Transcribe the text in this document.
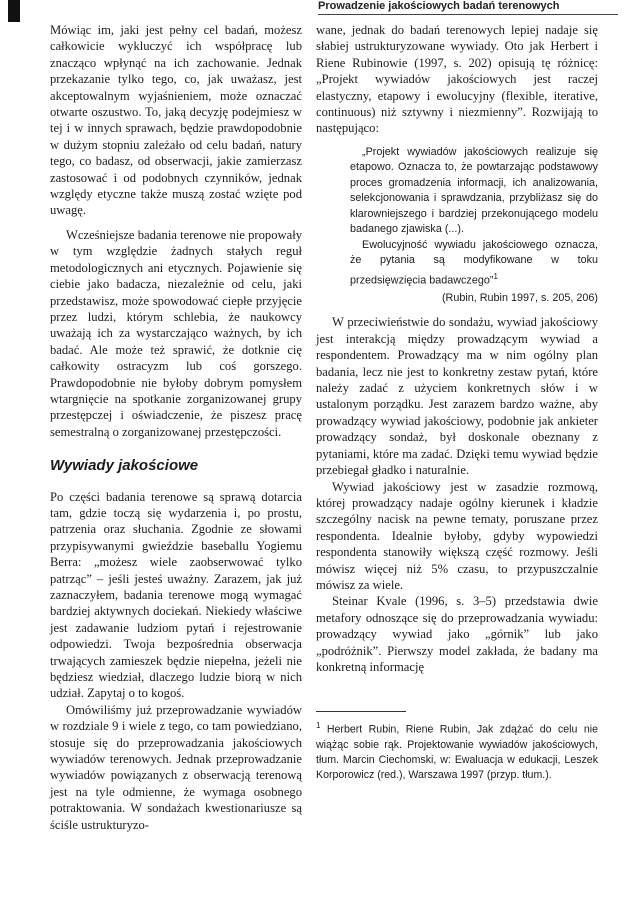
Prowadzenie jakościowych badań terenowych

Mówiąc im, jaki jest pełny cel badań, możesz całkowicie wykluczyć ich współpracę lub znacząco wpłynąć na ich zachowanie. Jednak przekazanie tylko tego, co, jak uważasz, jest akceptowalnym wyjaśnieniem, może oznaczać otwarte oszustwo. To, jaką decyzję podejmiesz w tej i w innych sprawach, będzie prawdopodobnie w dużym stopniu zależało od celu badań, natury tego, co badasz, od obserwacji, jakie zamierzasz zastosować i od podobnych czynników, jednak względy etyczne także muszą zostać wzięte pod uwagę.

Wcześniejsze badania terenowe nie propowały w tym względzie żadnych stałych reguł metodologicznych ani etycznych. Pojawienie się ciebie jako badacza, niezależnie od celu, jaki przedstawisz, może spowodować ciepłe przyjęcie przez ludzi, którym schlebia, że naukowcy uważają ich za wystarczająco ważnych, by ich badać. Ale może też sprawić, że dotknie cię całkowity ostracyzm lub coś gorszego. Prawdopodobnie nie byłoby dobrym pomysłem wtargnięcie na spotkanie zorganizowanej grupy przestępczej i oświadczenie, że piszesz pracę semestralną o zorganizowanej przestępczości.

Wywiady jakościowe

Po części badania terenowe są sprawą dotarcia tam, gdzie toczą się wydarzenia i, po prostu, patrzenia oraz słuchania. Zgodnie ze słowami przypisywanymi gwieździe baseballu Yogiemu Berra: „możesz wiele zaobserwować tylko patrząc” – jeśli jesteś uważny. Zarazem, jak już zaznaczyłem, badania terenowe mogą wymagać bardziej aktywnych dociekań. Niekiedy właściwe jest zadawanie ludziom pytań i rejestrowanie odpowiedzi. Twoja bezpośrednia obserwacja trwających zamieszek będzie niepełna, jeżeli nie będziesz wiedział, dlaczego ludzie biorą w nich udział. Zapytaj o to kogoś.

Omówiliśmy już przeprowadzanie wywiadów w rozdziale 9 i wiele z tego, co tam powiedziano, stosuje się do przeprowadzania jakościowych wywiadów terenowych. Jednak przeprowadzanie wywiadów powiązanych z obserwacją terenową jest na tyle odmienne, że wymaga osobnego potraktowania. W sondażach kwestionariusze są ściśle ustrukturyzo-

wane, jednak do badań terenowych lepiej nadaje się słabiej ustrukturyzowane wywiady. Oto jak Herbert i Riene Rubinowie (1997, s. 202) opisują tę różnicę: „Projekt wywiadów jakościowych jest raczej elastyczny, etapowy i ewolucyjny (flexible, iterative, continuous) niż sztywny i niezmienny”. Rozwijają to następująco:

„Projekt wywiadów jakościowych realizuje się etapowo. Oznacza to, że powtarzając podstawowy proces gromadzenia informacji, ich analizowania, selekcjonowania i sprawdzania, przybliżasz się do klarowniejszego i bardziej przekonującego modelu badanego zjawiska (...).

Ewolucyjność wywiadu jakościowego oznacza, że pytania są modyfikowane w toku przedsięwzięcia badawczego”$^1$

(Rubin, Rubin 1997, s. 205, 206)

W przeciwieństwie do sondażu, wywiad jakościowy jest interakcją między prowadzącym wywiad a respondentem. Prowadzący ma w nim ogólny plan badania, lecz nie jest to konkretny zestaw pytań, które należy zadać z użyciem konkretnych słów i w ustalonym porządku. Jest zarazem bardzo ważne, aby prowadzący wywiad jakościowy, podobnie jak ankieter prowadzący sondaż, był doskonale obeznany z pytaniami, które ma zadać. Dzięki temu wywiad będzie przebiegał gładko i naturalnie.

Wywiad jakościowy jest w zasadzie rozmową, której prowadzący nadaje ogólny kierunek i kładzie szczególny nacisk na pewne tematy, poruszane przez respondenta. Idealnie byłoby, gdyby wypowiedzi respondenta stanowiły większą część rozmowy. Jeśli mówisz więcej niż 5% czasu, to przypuszczalnie mówisz za wiele.

Steinar Kvale (1996, s. 3–5) przedstawia dwie metafory odnoszące się do przeprowadzania wywiadu: prowadzący wywiad jako „górnik” lub jako „podróżnik”. Pierwszy model zakłada, że badany ma konkretną informację

$^1$ Herbert Rubin, Riene Rubin, Jak zdążać do celu nie wiążąc sobie rąk. Projektowanie wywiadów jakościowych, tłum. Marcin Ciechomski, w: Ewaluacja w edukacji, Leszek Korporowicz (red.), Warszawa 1997 (przyp. tłum.).
